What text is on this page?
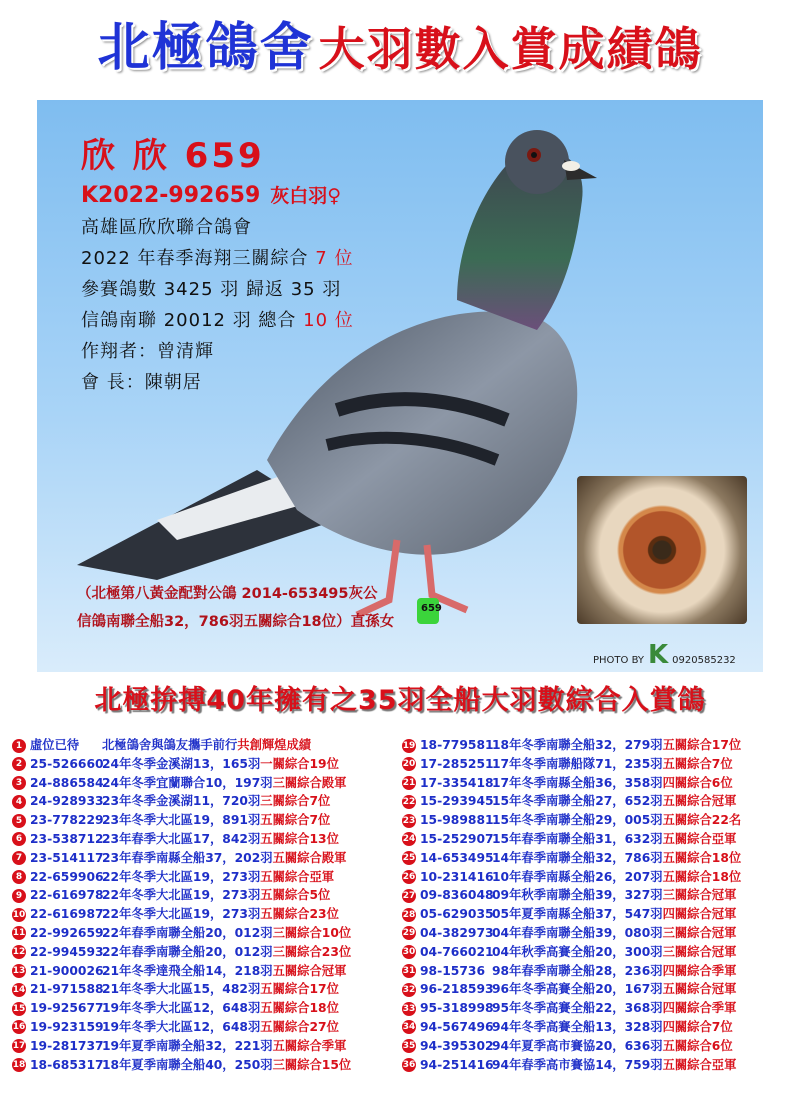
北極鴿舍 大羽數入賞成績鴿
欣 欣 659
K2022-992659 灰白羽♀
高雄區欣欣聯合鴿會
2022 年春季海翔三關綜合 7 位
參賽鴿數 3425 羽 歸返 35 羽
信鴿南聯 20012 羽 總合 10 位
作翔者：曾清輝
會 長：陳朝居
659
PHOTO BY K 0920585232
（北極第八黃金配對公鴿 2014-653495灰公
信鴿南聯全船32，786羽五關綜合18位）直孫女
北極拚搏40年擁有之35羽全船大羽數綜合入賞鴿
1 虛位已待 北極鴿舍與鴿友攜手前行共創輝煌成績
2 25-52666024年冬季金溪湖13，165羽一關綜合19位
3 24-88658424年冬季宜蘭聯合10，197羽三關綜合殿軍
4 24-92893323年冬季金溪湖11，720羽三關綜合7位
5 23-77822923年冬季大北區19，891羽五關綜合7位
6 23-53871223年春季大北區17，842羽五關綜合13位
7 23-51411723年春季南縣全船37，202羽五關綜合殿軍
8 22-65990622年冬季大北區19，273羽五關綜合亞軍
9 22-61697822年冬季大北區19，273羽五關綜合5位
10 22-61698722年冬季大北區19，273羽五關綜合23位
11 22-99265922年春季南聯全船20，012羽三關綜合10位
12 22-99459322年春季南聯全船20，012羽三關綜合23位
13 21-90002621年冬季達飛全船14，218羽五關綜合冠軍
14 21-97158821年冬季大北區15，482羽五關綜合17位
15 19-92567719年冬季大北區12，648羽五關綜合18位
16 19-92315919年冬季大北區12，648羽五關綜合27位
17 19-28173719年夏季南聯全船32，221羽五關綜合季軍
18 18-68531718年夏季南聯全船40，250羽三關綜合15位
19 18-77958118年冬季南聯全船32，279羽五關綜合17位
20 17-28525117年冬季南聯船隊71，235羽五關綜合7位
21 17-33541817年冬季南縣全船36，358羽四關綜合6位
22 15-29394515年冬季南聯全船27，652羽五關綜合冠軍
23 15-98988115年冬季南聯全船29，005羽五關綜合22名
24 15-25290715年春季南聯全船31，632羽五關綜合亞軍
25 14-65349514年春季南聯全船32，786羽五關綜合18位
26 10-23141610年春季南縣全船26，207羽五關綜合18位
27 09-83604809年秋季南聯全船39，327羽三關綜合冠軍
28 05-62903505年夏季南縣全船37，547羽四關綜合冠軍
29 04-38297304年春季南聯全船39，080羽三關綜合冠軍
30 04-76602104年秋季高賽全船20，300羽三關綜合冠軍
31 98-15736 98年春季南聯全船28，236羽四關綜合季軍
32 96-21859396年冬季高賽全船20，167羽五關綜合冠軍
33 95-31899895年冬季高賽全船22，368羽四關綜合季軍
34 94-56749694年冬季高賽全船13，328羽四關綜合7位
35 94-39530294年夏季高市賽協20，636羽五關綜合6位
36 94-25141694年春季高市賽協14，759羽五關綜合亞軍
